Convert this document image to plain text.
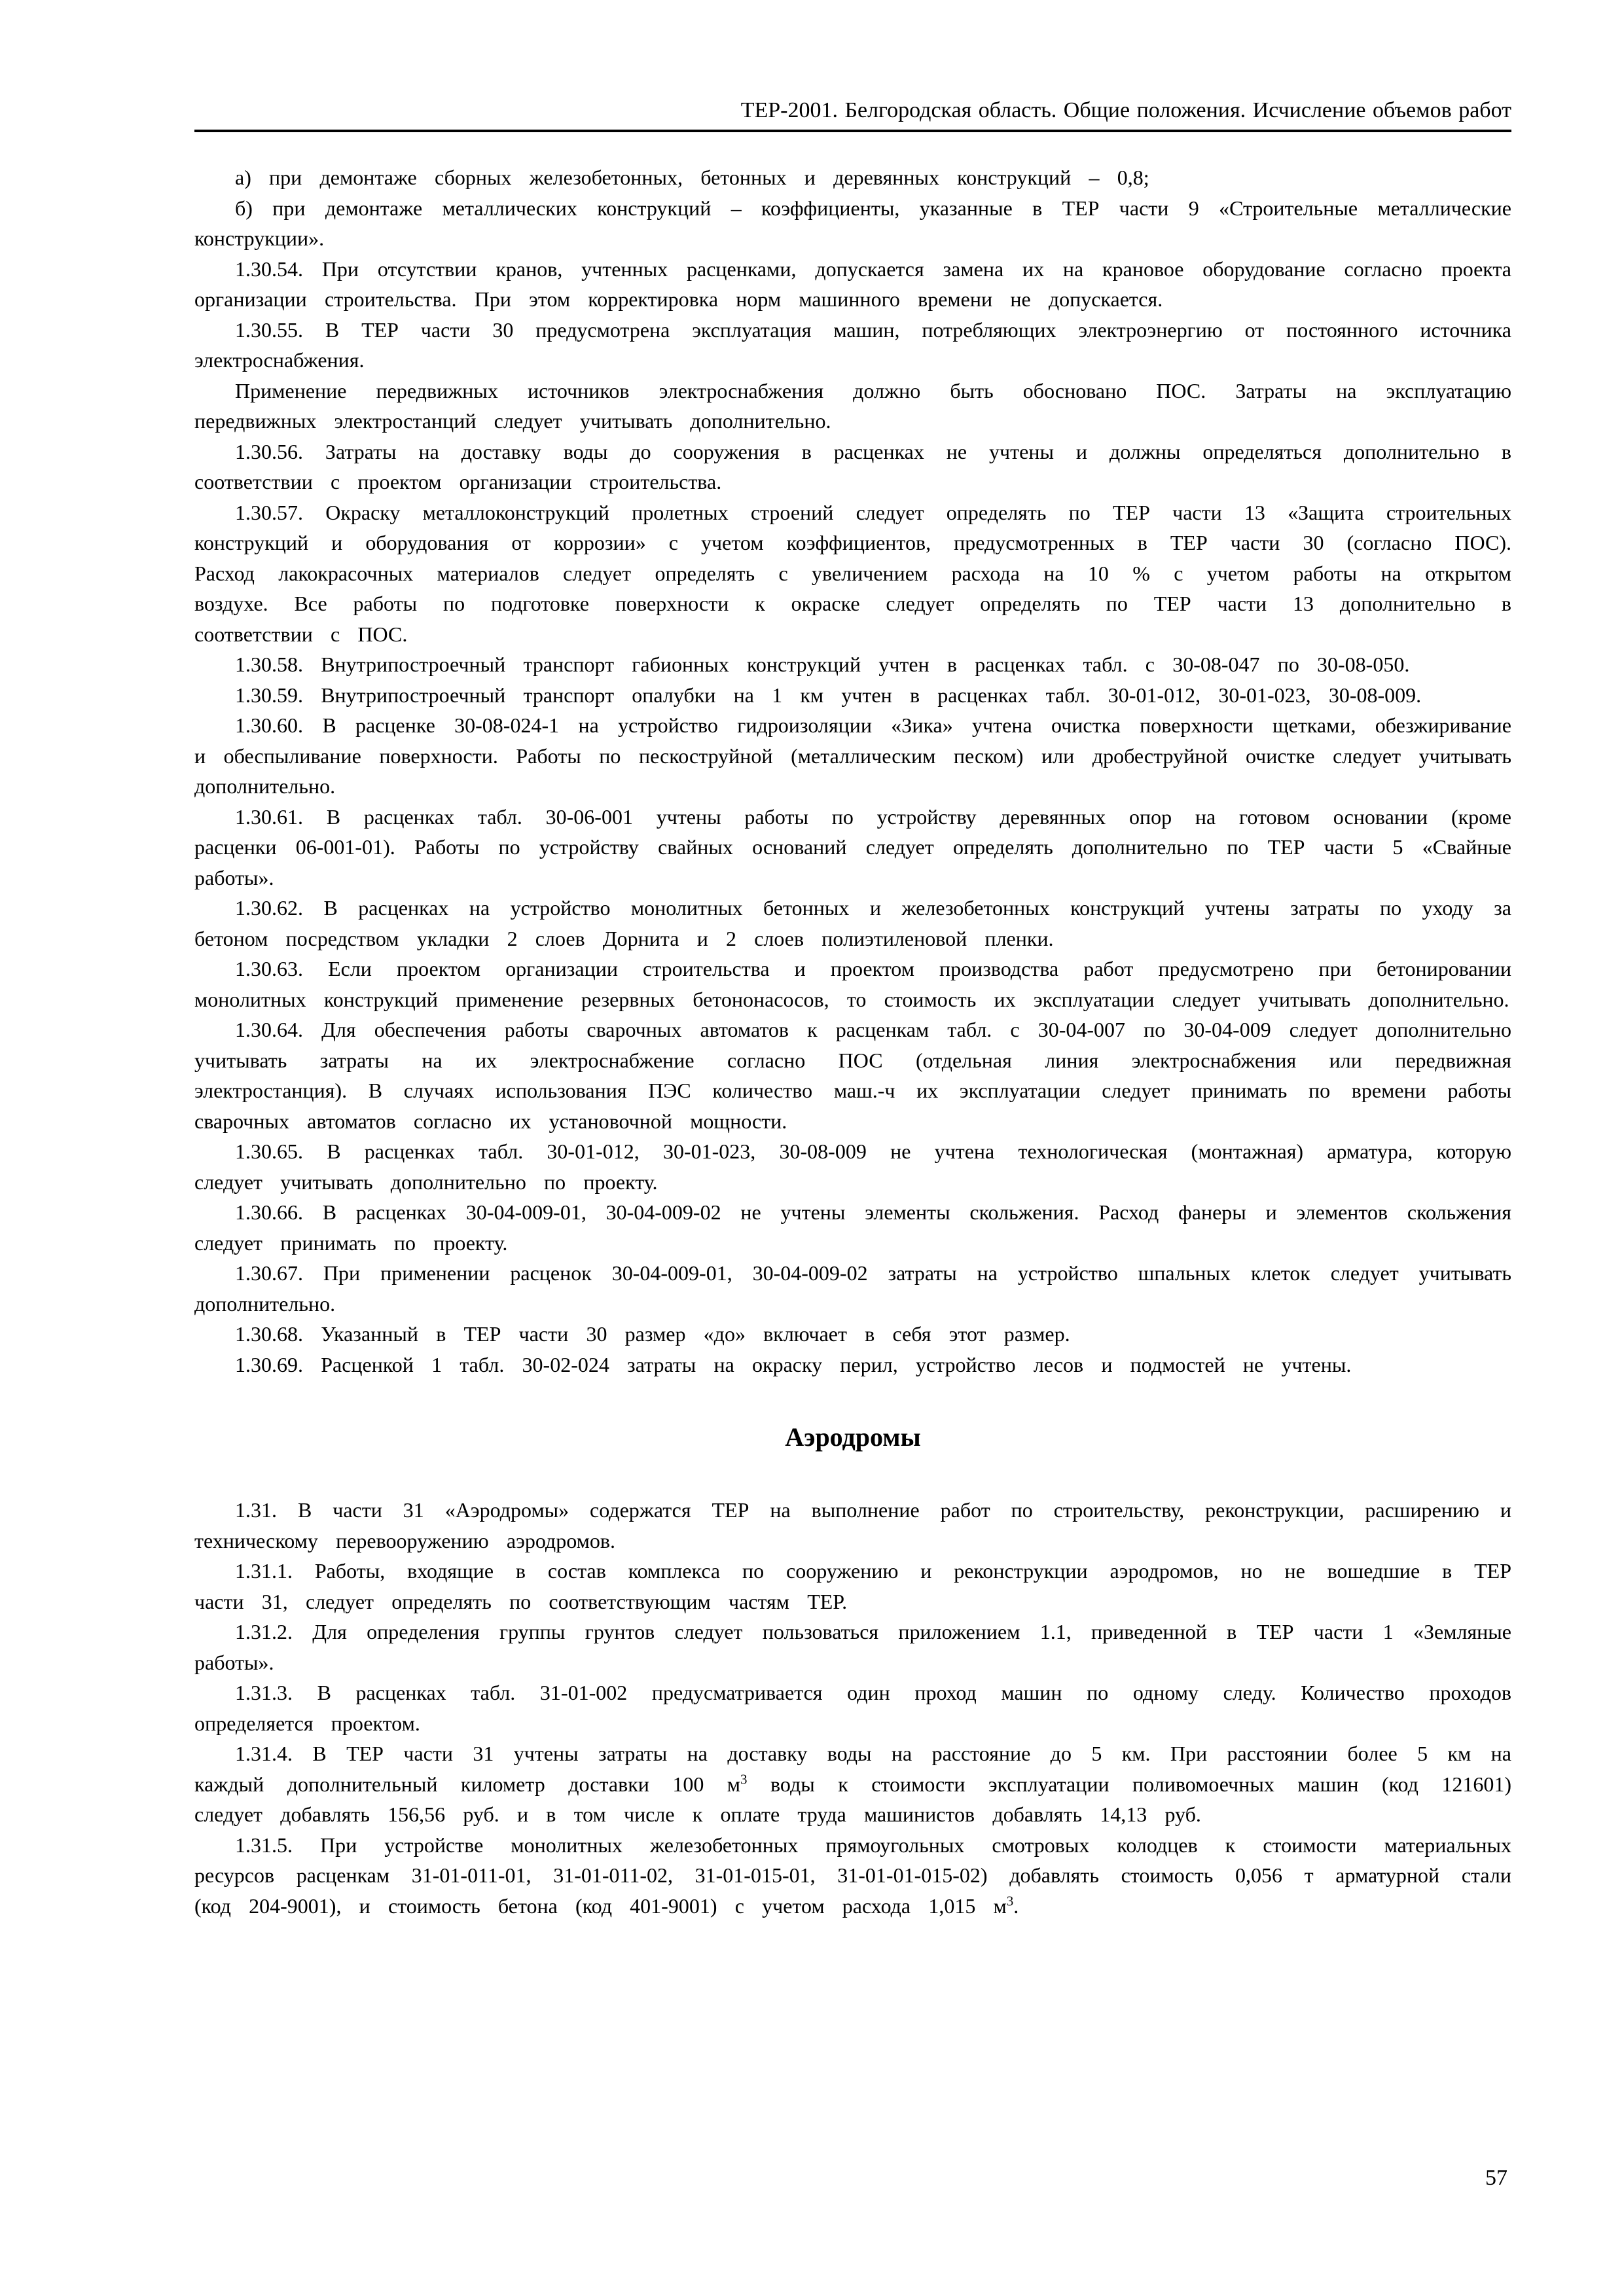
ТЕР-2001. Белгородская область. Общие положения. Исчисление объемов работ

а) при демонтаже сборных железобетонных, бетонных и деревянных конструкций – 0,8;

б) при демонтаже металлических конструкций – коэффициенты, указанные в ТЕР части 9 «Строительные металлические конструкции».

1.30.54. При отсутствии кранов, учтенных расценками, допускается замена их на крановое оборудование согласно проекта организации строительства. При этом корректировка норм машинного времени не допускается.

1.30.55. В ТЕР части 30 предусмотрена эксплуатация машин, потребляющих электроэнергию от постоянного источника электроснабжения.

Применение передвижных источников электроснабжения должно быть обосновано ПОС. Затраты на эксплуатацию передвижных электростанций следует учитывать дополнительно.

1.30.56. Затраты на доставку воды до сооружения в расценках не учтены и должны определяться дополнительно в соответствии с проектом организации строительства.

1.30.57. Окраску металлоконструкций пролетных строений следует определять по ТЕР части 13 «Защита строительных конструкций и оборудования от коррозии» с учетом коэффициентов, предусмотренных в ТЕР части 30 (согласно ПОС). Расход лакокрасочных материалов следует определять с увеличением расхода на 10 % с учетом работы на открытом воздухе. Все работы по подготовке поверхности к окраске следует определять по ТЕР части 13 дополнительно в соответствии с ПОС.

1.30.58. Внутрипостроечный транспорт габионных конструкций учтен в расценках табл. с 30-08-047 по 30-08-050.

1.30.59. Внутрипостроечный транспорт опалубки на 1 км учтен в расценках табл. 30-01-012, 30-01-023, 30-08-009.

1.30.60. В расценке 30-08-024-1 на устройство гидроизоляции «Зика» учтена очистка поверхности щетками, обезжиривание и обеспыливание поверхности. Работы по пескоструйной (металлическим песком) или дробеструйной очистке следует учитывать дополнительно.

1.30.61. В расценках табл. 30-06-001 учтены работы по устройству деревянных опор на готовом основании (кроме расценки 06-001-01). Работы по устройству свайных оснований следует определять дополнительно по ТЕР части 5 «Свайные работы».

1.30.62. В расценках на устройство монолитных бетонных и железобетонных конструкций учтены затраты по уходу за бетоном посредством укладки 2 слоев Дорнита и 2 слоев полиэтиленовой пленки.

1.30.63. Если проектом организации строительства и проектом производства работ предусмотрено при бетонировании монолитных конструкций применение резервных бетононасосов, то стоимость их эксплуатации следует учитывать дополнительно.

1.30.64. Для обеспечения работы сварочных автоматов к расценкам табл. с 30-04-007 по 30-04-009 следует дополнительно учитывать затраты на их электроснабжение согласно ПОС (отдельная линия электроснабжения или передвижная электростанция). В случаях использования ПЭС количество маш.-ч их эксплуатации следует принимать по времени работы сварочных автоматов согласно их установочной мощности.

1.30.65. В расценках табл. 30-01-012, 30-01-023, 30-08-009 не учтена технологическая (монтажная) арматура, которую следует учитывать дополнительно по проекту.

1.30.66. В расценках 30-04-009-01, 30-04-009-02 не учтены элементы скольжения. Расход фанеры и элементов скольжения следует принимать по проекту.

1.30.67. При применении расценок 30-04-009-01, 30-04-009-02 затраты на устройство шпальных клеток следует учитывать дополнительно.

1.30.68. Указанный в ТЕР части 30 размер «до» включает в себя этот размер.

1.30.69. Расценкой 1 табл. 30-02-024 затраты на окраску перил, устройство лесов и подмостей не учтены.

Аэродромы

1.31. В части 31 «Аэродромы» содержатся ТЕР на выполнение работ по строительству, реконструкции, расширению и техническому перевооружению аэродромов.

1.31.1. Работы, входящие в состав комплекса по сооружению и реконструкции аэродромов, но не вошедшие в ТЕР части 31, следует определять по соответствующим частям ТЕР.

1.31.2. Для определения группы грунтов следует пользоваться приложением 1.1, приведенной в ТЕР части 1 «Земляные работы».

1.31.3. В расценках табл. 31-01-002 предусматривается один проход машин по одному следу. Количество проходов определяется проектом.

1.31.4. В ТЕР части 31 учтены затраты на доставку воды на расстояние до 5 км. При расстоянии более 5 км на каждый дополнительный километр доставки 100 $м^3$ воды к стоимости эксплуатации поливомоечных машин (код 121601) следует добавлять 156,56 руб. и в том числе к оплате труда машинистов добавлять 14,13 руб.

1.31.5. При устройстве монолитных железобетонных прямоугольных смотровых колодцев к стоимости материальных ресурсов расценкам 31-01-011-01, 31-01-011-02, 31-01-015-01, 31-01-01-015-02) добавлять стоимость 0,056 т арматурной стали (код 204-9001), и стоимость бетона (код 401-9001) с учетом расхода 1,015 $м^3$.

57
